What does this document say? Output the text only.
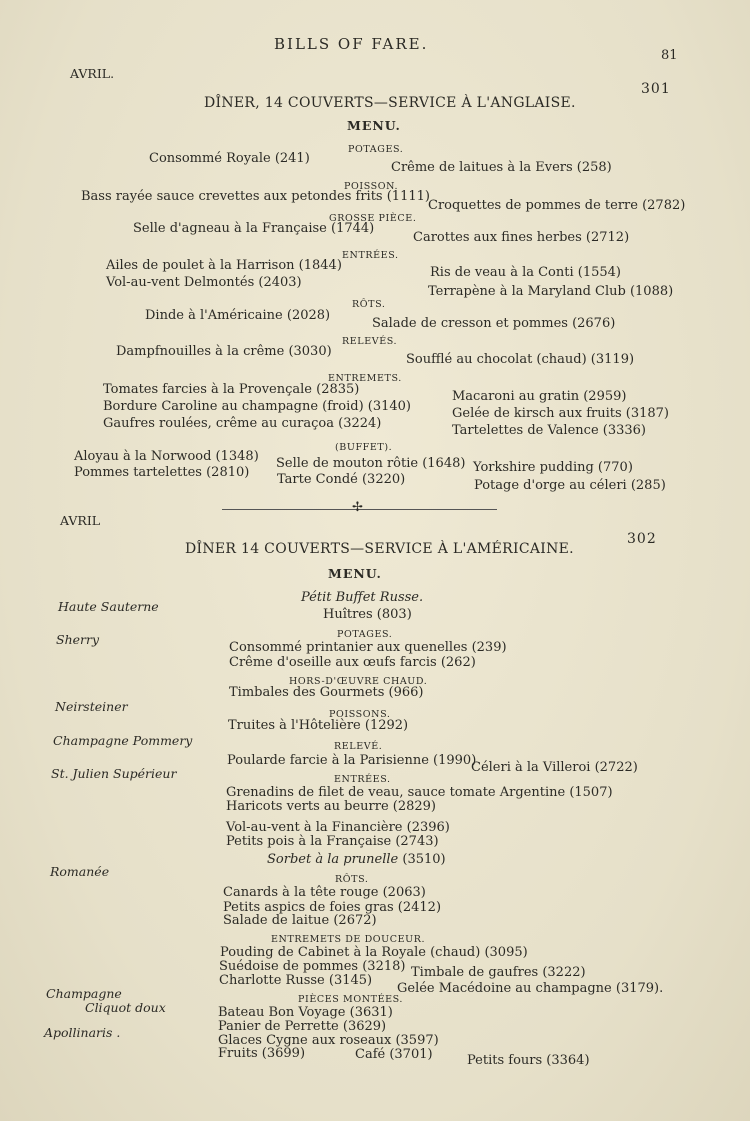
BILLS OF FARE.
81
AVRIL.
301
DÎNER, 14 COUVERTS—SERVICE À L'ANGLAISE.
MENU.
POTAGES.
Consommé Royale (241)
Crême de laitues à la Evers (258)
POISSON.
Bass rayée sauce crevettes aux petondes frits (1111)
Croquettes de pommes de terre (2782)
GROSSE PIÈCE.
Selle d'agneau à la Française (1744)
Carottes aux fines herbes (2712)
ENTRÉES.
Ailes de poulet à la Harrison (1844)
Vol-au-vent Delmontés (2403)
Ris de veau à la Conti (1554)
Terrapène à la Maryland Club (1088)
RÔTS.
Dinde à l'Américaine (2028)
Salade de cresson et pommes (2676)
RELEVÉS.
Dampfnouilles à la crême (3030)
Soufflé au chocolat (chaud) (3119)
ENTREMETS.
Tomates farcies à la Provençale (2835)
Bordure Caroline au champagne (froid) (3140)
Gaufres roulées, crême au curaçoa (3224)
Macaroni au gratin (2959)
Gelée de kirsch aux fruits (3187)
Tartelettes de Valence (3336)
(BUFFET).
Aloyau à la Norwood (1348)
Pommes tartelettes (2810)
Selle de mouton rôtie (1648)
Tarte Condé (3220)
Yorkshire pudding (770)
Potage d'orge au céleri (285)
✢
AVRIL
302
DÎNER 14 COUVERTS—SERVICE À L'AMÉRICAINE.
MENU.
Haute Sauterne
Sherry
Neirsteiner
Champagne Pommery
St. Julien Supérieur
Romanée
Champagne
Cliquot doux
Apollinaris .
Pétit Buffet Russe.
Huîtres (803)
POTAGES.
Consommé printanier aux quenelles (239)
Crême d'oseille aux œufs farcis (262)
HORS-D'ŒUVRE CHAUD.
Timbales des Gourmets (966)
POISSONS.
Truites à l'Hôtelière (1292)
RELEVÉ.
Poularde farcie à la Parisienne (1990)
Céleri à la Villeroi (2722)
ENTRÉES.
Grenadins de filet de veau, sauce tomate Argentine (1507)
Haricots verts au beurre (2829)
Vol-au-vent à la Financière (2396)
Petits pois à la Française (2743)
Sorbet à la prunelle (3510)
RÔTS.
Canards à la tête rouge (2063)
Petits aspics de foies gras (2412)
Salade de laitue (2672)
ENTREMETS DE DOUCEUR.
Pouding de Cabinet à la Royale (chaud) (3095)
Suédoise de pommes (3218) Timbale de gaufres (3222)
Charlotte Russe (3145)
Gelée Macédoine au champagne (3179).
PIÈCES MONTÉES.
Bateau Bon Voyage (3631)
Panier de Perrette (3629)
Glaces Cygne aux roseaux (3597)
Fruits (3699)	Café (3701)	Petits fours (3364)
